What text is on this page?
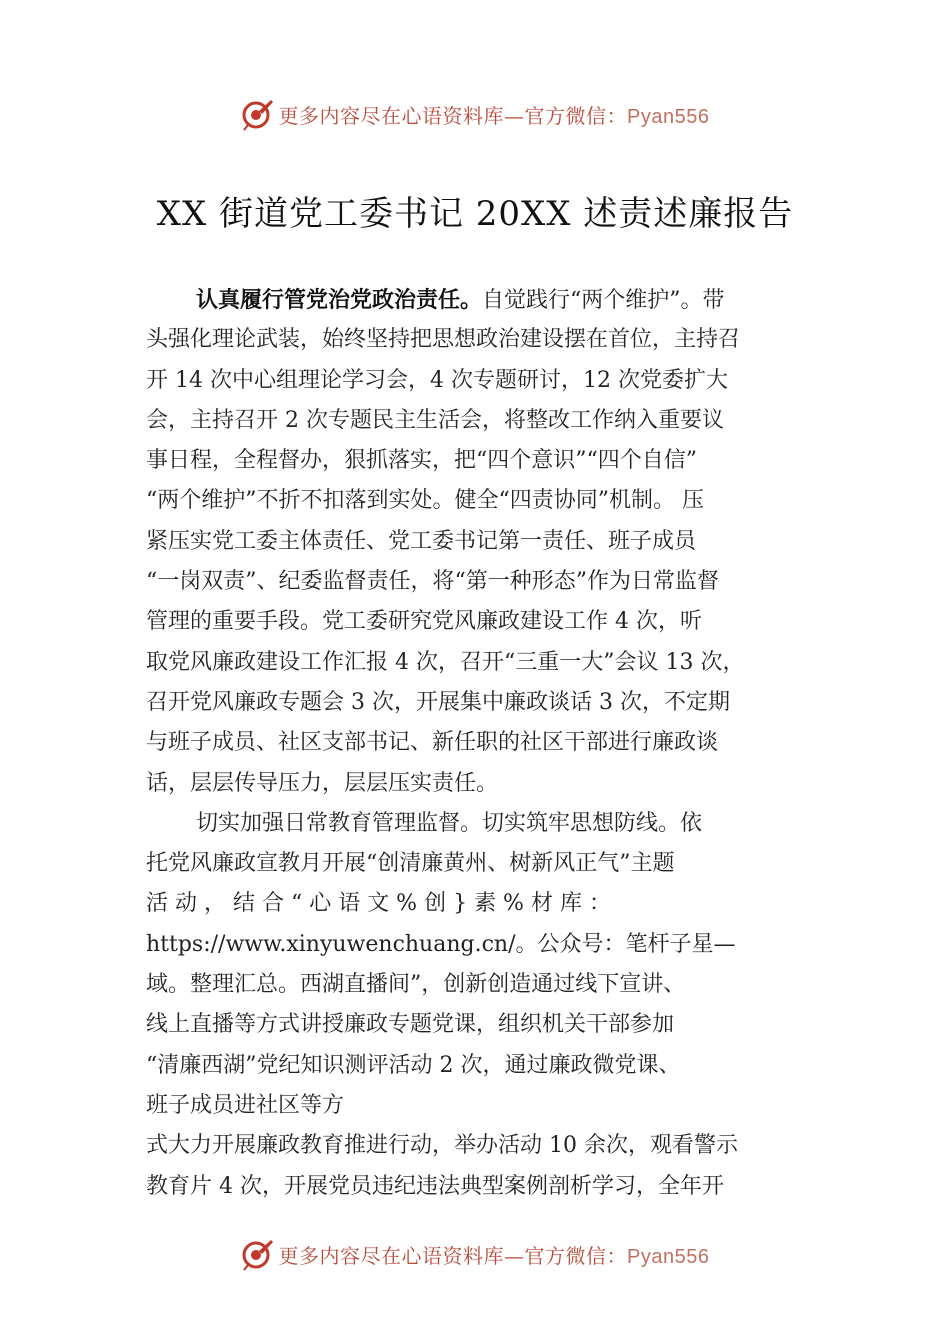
更多内容尽在心语资料库—官方微信：Pyan556
XX 街道党工委书记 20XX 述责述廉报告
认真履行管党治党政治责任。自觉践行“两个维护”。带
头强化理论武装，始终坚持把思想政治建设摆在首位，主持召
开 14 次中心组理论学习会，4 次专题研讨，12 次党委扩大
会，主持召开 2 次专题民主生活会，将整改工作纳入重要议
事日程，全程督办，狠抓落实，把“四个意识”“四个自信”
“两个维护”不折不扣落到实处。健全“四责协同”机制。 压
紧压实党工委主体责任、党工委书记第一责任、班子成员
“一岗双责”、纪委监督责任，将“第一种形态”作为日常监督
管理的重要手段。党工委研究党风廉政建设工作 4 次，听
取党风廉政建设工作汇报 4 次，召开“三重一大”会议 13 次，
召开党风廉政专题会 3 次，开展集中廉政谈话 3 次，不定期
与班子成员、社区支部书记、新任职的社区干部进行廉政谈
话，层层传导压力，层层压实责任。
切实加强日常教育管理监督。切实筑牢思想防线。依
托党风廉政宣教月开展“创清廉黄州、树新风正气”主题
活 动 ， 结 合 “ 心 语 文 % 创 } 素 % 材 库 ：
https://www.xinyuwenchuang.cn/。公众号：笔杆子星—
域。整理汇总。西湖直播间”，创新创造通过线下宣讲、
线上直播等方式讲授廉政专题党课，组织机关干部参加
“清廉西湖”党纪知识测评活动 2 次，通过廉政微党课、
班子成员进社区等方
式大力开展廉政教育推进行动，举办活动 10 余次，观看警示
教育片 4 次，开展党员违纪违法典型案例剖析学习，全年开
更多内容尽在心语资料库—官方微信：Pyan556
